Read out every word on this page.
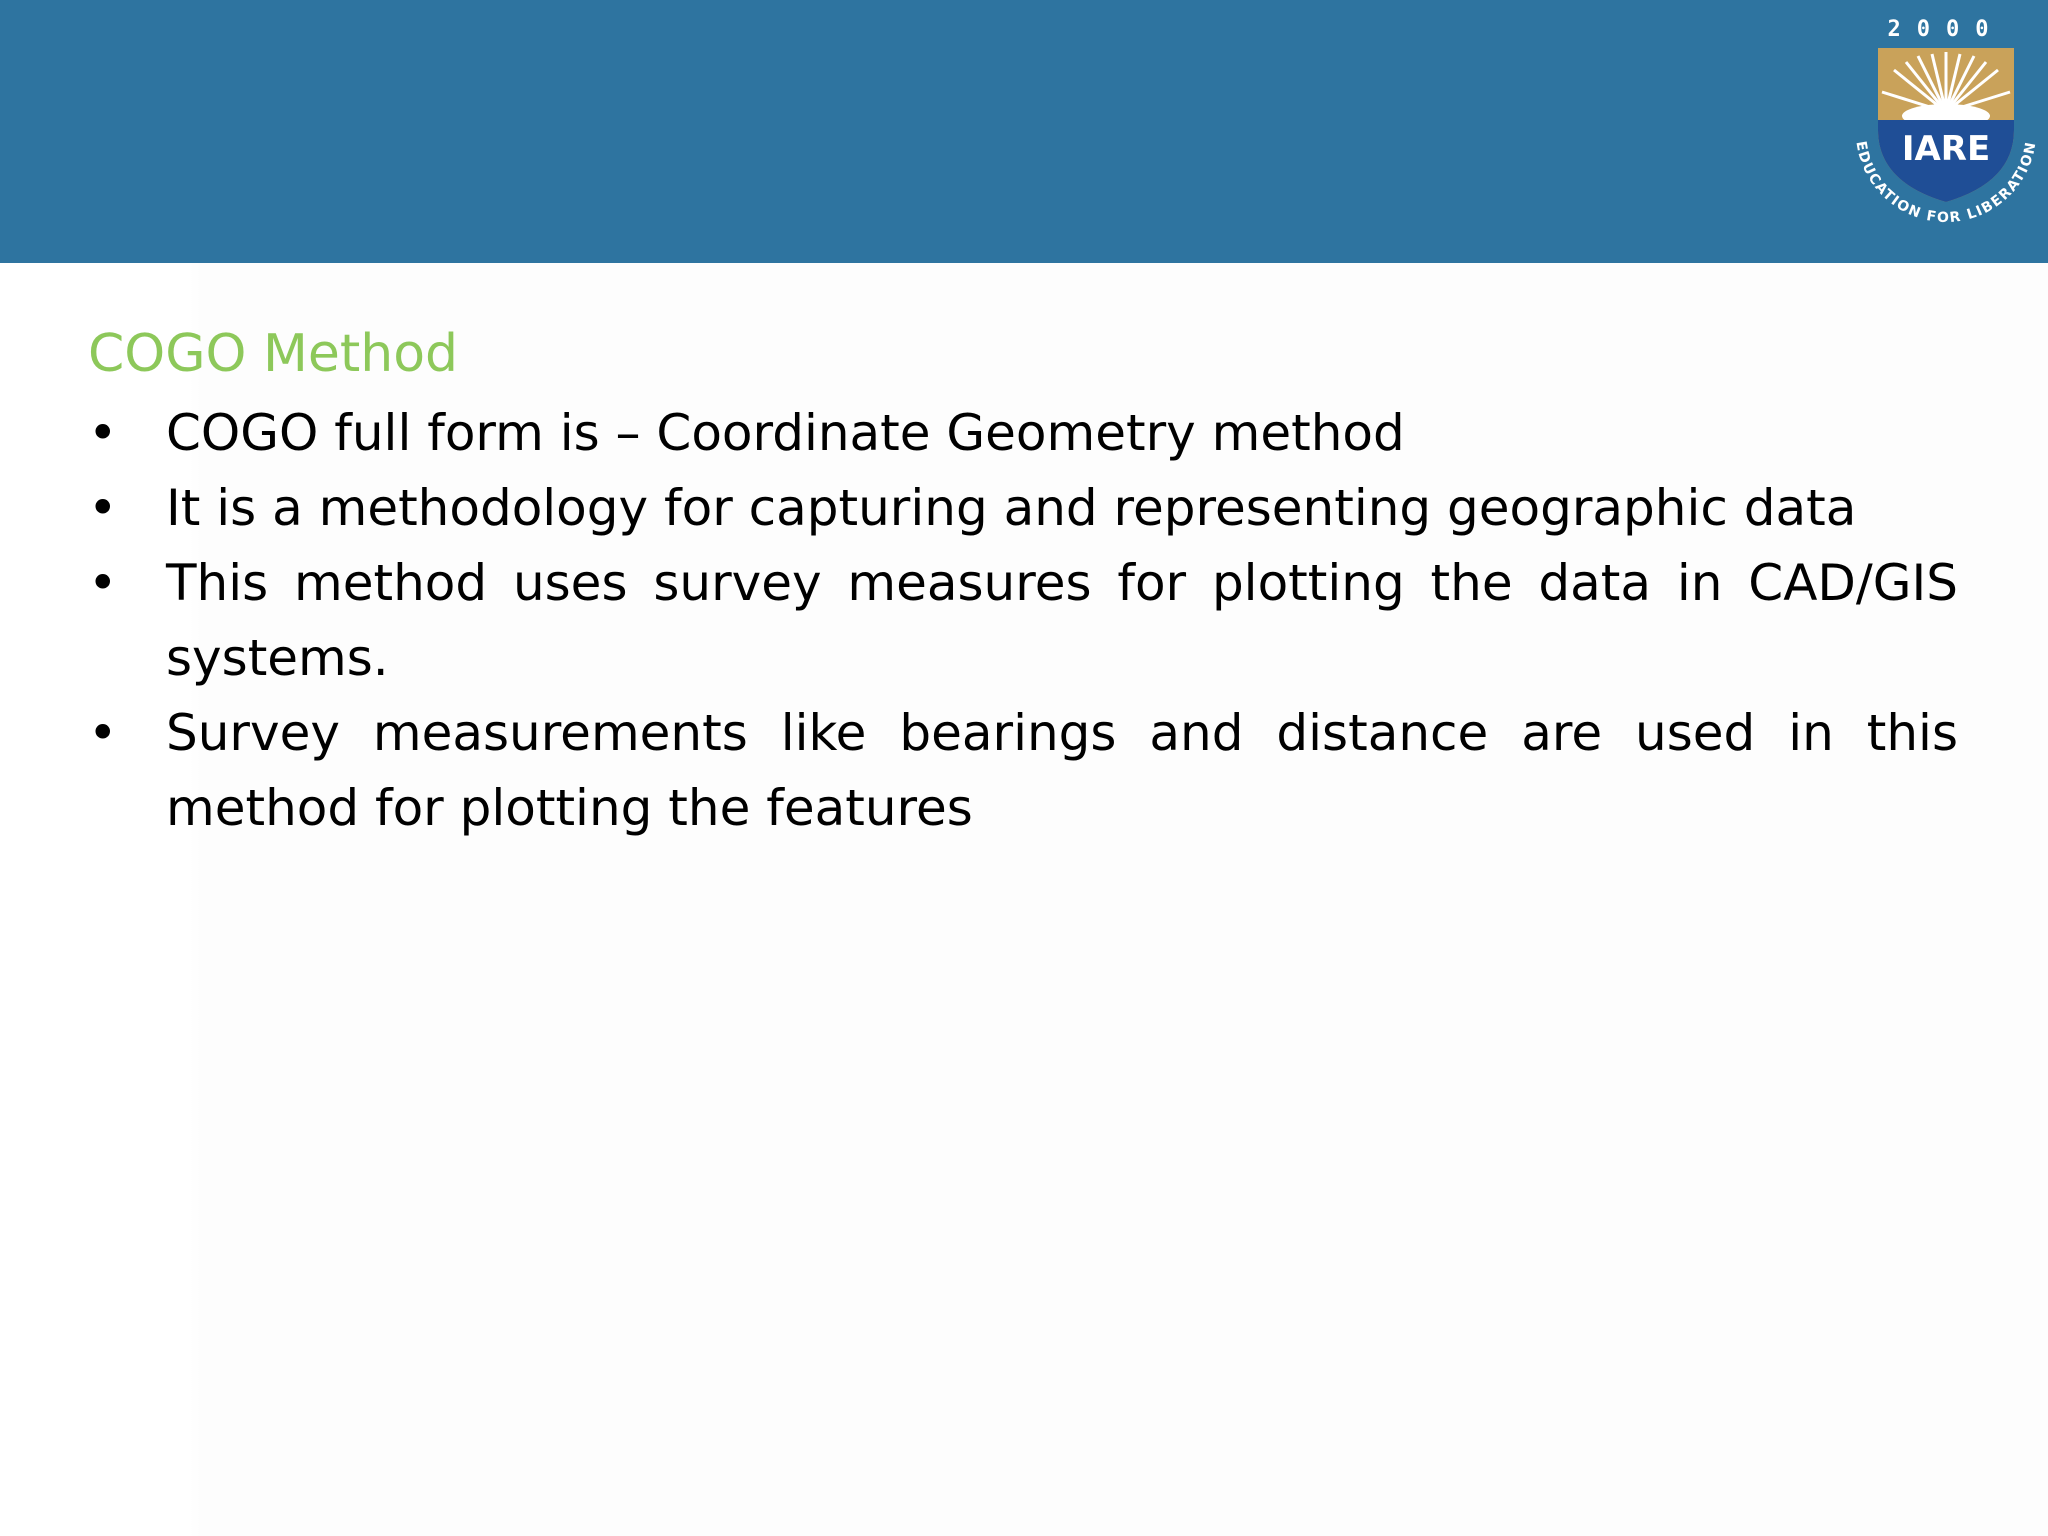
2000
IARE
EDUCATION FOR LIBERATION
COGO Method
• COGO full form is – Coordinate Geometry method
• It is a methodology for capturing and representing geographic data
• This method uses survey measures for plotting the data in CAD/GIS systems.
• Survey measurements like bearings and distance are used in this method for plotting the features
